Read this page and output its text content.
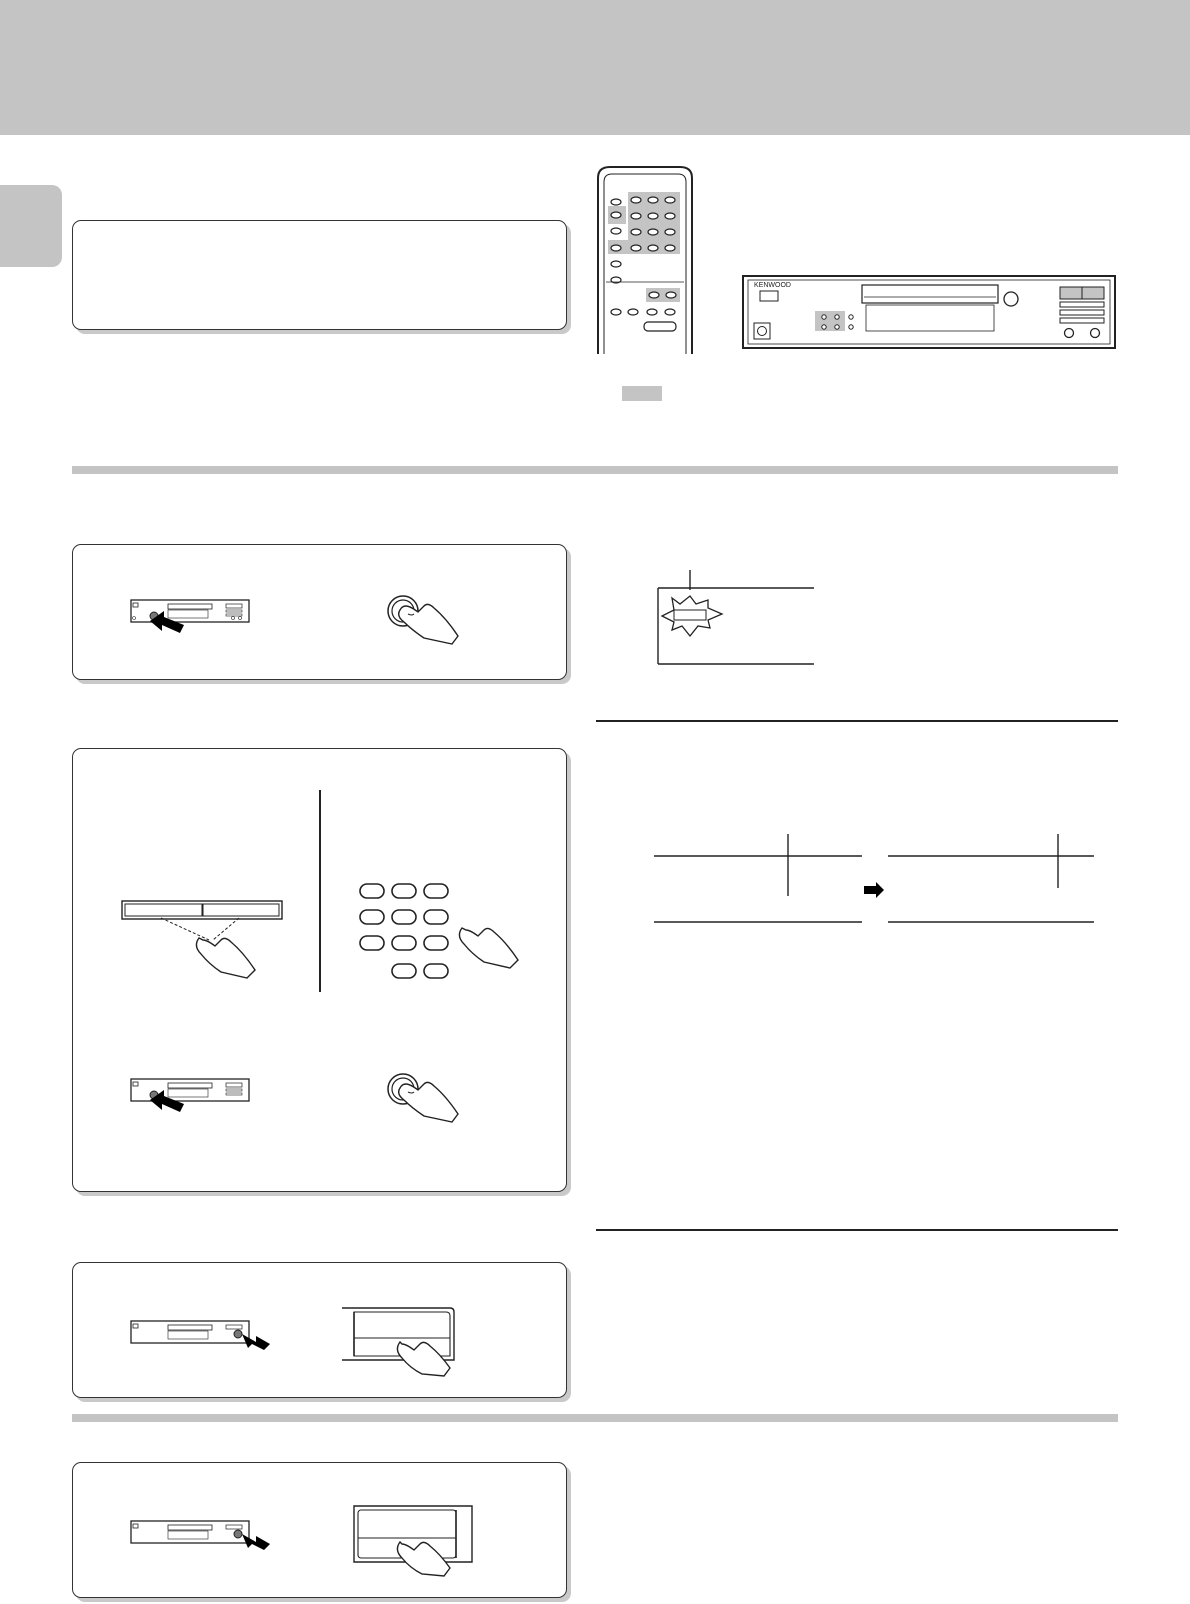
KENWOOD
